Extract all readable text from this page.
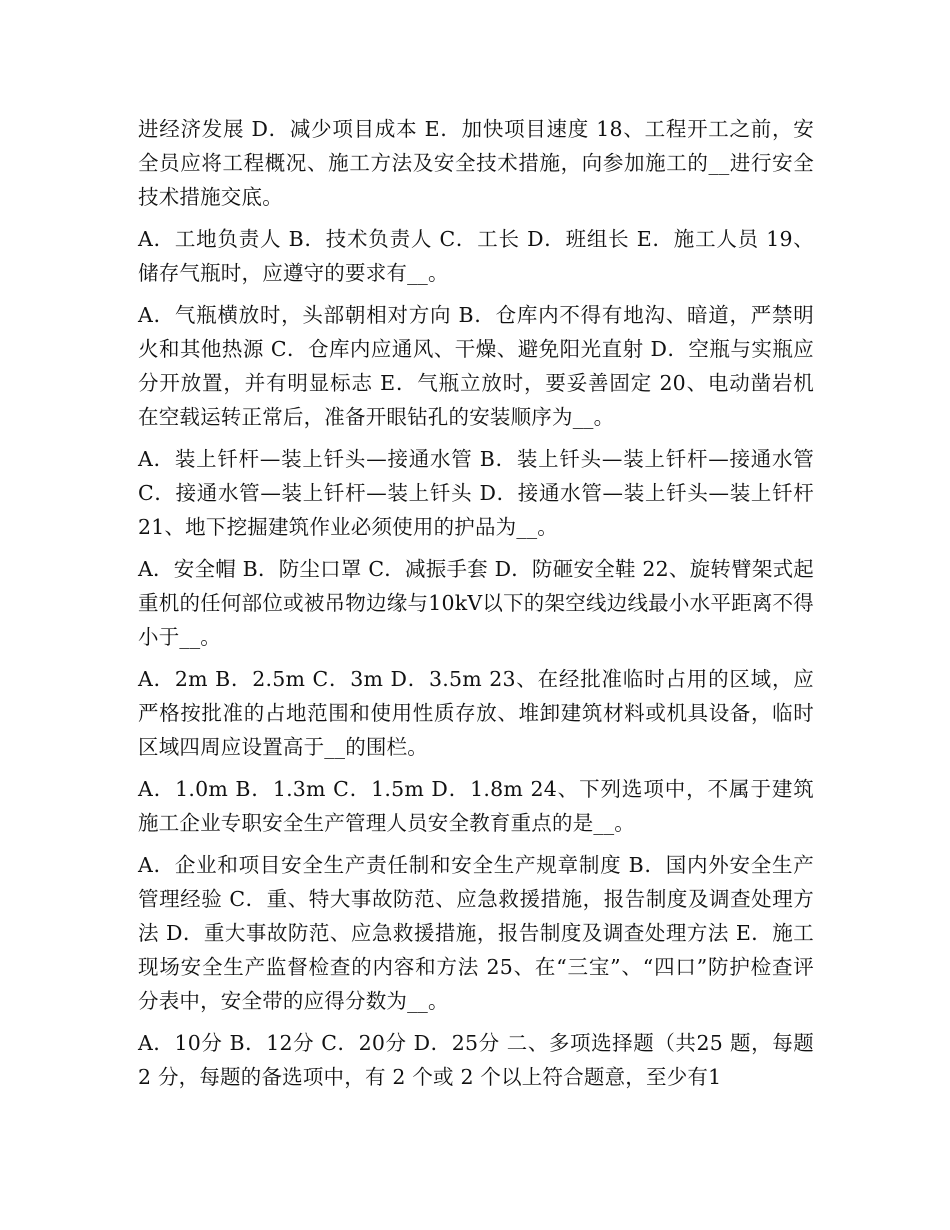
进经济发展 D．减少项目成本 E．加快项目速度 18、工程开工之前，安全员应将工程概况、施工方法及安全技术措施，向参加施工的__进行安全技术措施交底。

A．工地负责人 B．技术负责人 C．工长 D．班组长 E．施工人员 19、储存气瓶时，应遵守的要求有__。

A．气瓶横放时，头部朝相对方向 B．仓库内不得有地沟、暗道，严禁明火和其他热源 C．仓库内应通风、干燥、避免阳光直射 D．空瓶与实瓶应分开放置，并有明显标志 E．气瓶立放时，要妥善固定 20、电动凿岩机在空载运转正常后，准备开眼钻孔的安装顺序为__。

A．装上钎杆—装上钎头—接通水管 B．装上钎头—装上钎杆—接通水管 C．接通水管—装上钎杆—装上钎头 D．接通水管—装上钎头—装上钎杆 21、地下挖掘建筑作业必须使用的护品为__。

A．安全帽 B．防尘口罩 C．减振手套 D．防砸安全鞋 22、旋转臂架式起重机的任何部位或被吊物边缘与10kV以下的架空线边线最小水平距离不得小于__。

A．2m B．2.5m C．3m D．3.5m 23、在经批准临时占用的区域，应严格按批准的占地范围和使用性质存放、堆卸建筑材料或机具设备，临时区域四周应设置高于__的围栏。

A．1.0m B．1.3m C．1.5m D．1.8m 24、下列选项中，不属于建筑施工企业专职安全生产管理人员安全教育重点的是__。

A．企业和项目安全生产责任制和安全生产规章制度 B．国内外安全生产管理经验 C．重、特大事故防范、应急救援措施，报告制度及调查处理方法 D．重大事故防范、应急救援措施，报告制度及调查处理方法 E．施工现场安全生产监督检查的内容和方法 25、在“三宝”、“四口”防护检查评分表中，安全带的应得分数为__。

A．10分 B．12分 C．20分 D．25分 二、多项选择题（共25 题，每题 2 分，每题的备选项中，有 2 个或 2 个以上符合题意，至少有1
